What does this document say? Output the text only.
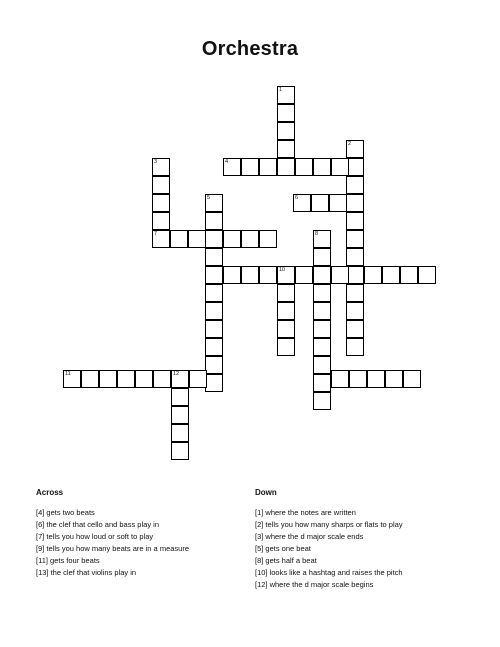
Orchestra
1
2
3	4
5	6
7	8
10
11	12
Across
[4] gets two beats
[6] the clef that cello and bass play in
[7] tells you how loud or soft to play
[9] tells you how many beats are in a measure
[11] gets four beats
[13] the clef that violins play in
Down
[1] where the notes are written
[2] tells you how many sharps or flats to play
[3] where the d major scale ends
[5] gets one beat
[8] gets half a beat
[10] looks like a hashtag and raises the pitch
[12] where the d major scale begins
